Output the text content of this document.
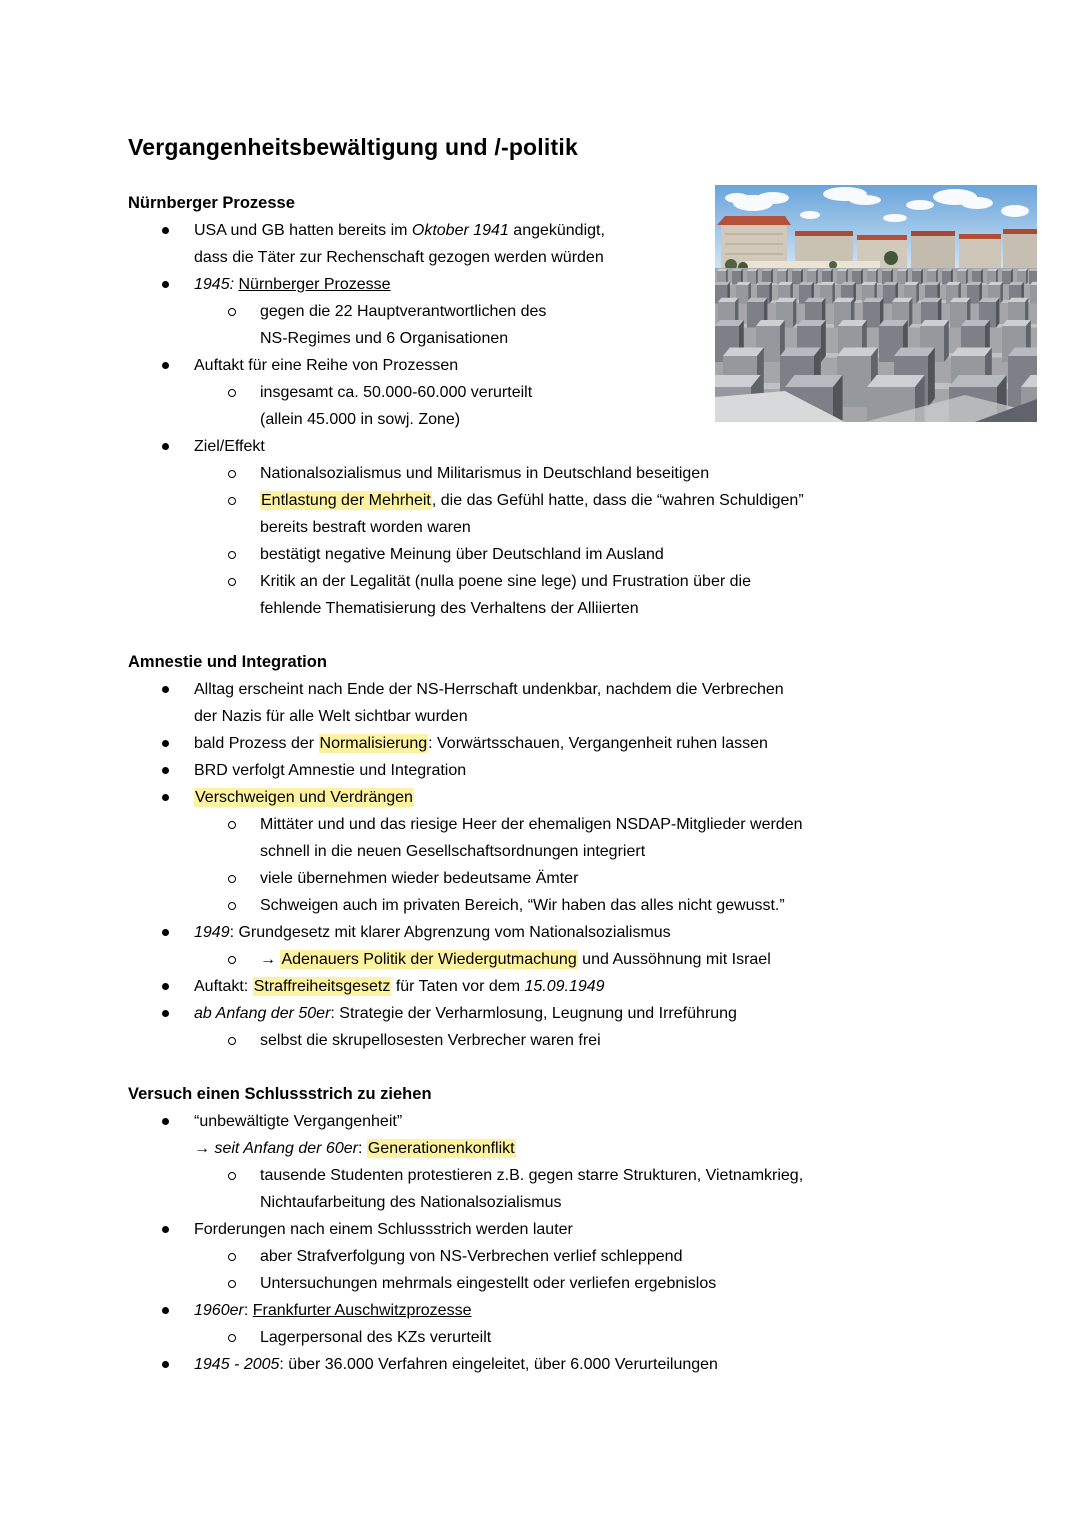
Vergangenheitsbewältigung und /-politik
Nürnberger Prozesse
USA und GB hatten bereits im Oktober 1941 angekündigt,
dass die Täter zur Rechenschaft gezogen werden würden
1945: Nürnberger Prozesse
gegen die 22 Hauptverantwortlichen des
NS-Regimes und 6 Organisationen
Auftakt für eine Reihe von Prozessen
insgesamt ca. 50.000-60.000 verurteilt
(allein 45.000 in sowj. Zone)
Ziel/Effekt
Nationalsozialismus und Militarismus in Deutschland beseitigen
Entlastung der Mehrheit, die das Gefühl hatte, dass die “wahren Schuldigen”
bereits bestraft worden waren
bestätigt negative Meinung über Deutschland im Ausland
Kritik an der Legalität (nulla poene sine lege) und Frustration über die
fehlende Thematisierung des Verhaltens der Alliierten
Amnestie und Integration
Alltag erscheint nach Ende der NS-Herrschaft undenkbar, nachdem die Verbrechen
der Nazis für alle Welt sichtbar wurden
bald Prozess der Normalisierung: Vorwärtsschauen, Vergangenheit ruhen lassen
BRD verfolgt Amnestie und Integration
Verschweigen und Verdrängen
Mittäter und und das riesige Heer der ehemaligen NSDAP-Mitglieder werden
schnell in die neuen Gesellschaftsordnungen integriert
viele übernehmen wieder bedeutsame Ämter
Schweigen auch im privaten Bereich, “Wir haben das alles nicht gewusst.”
1949: Grundgesetz mit klarer Abgrenzung vom Nationalsozialismus
→ Adenauers Politik der Wiedergutmachung und Aussöhnung mit Israel
Auftakt: Straffreiheitsgesetz für Taten vor dem 15.09.1949
ab Anfang der 50er: Strategie der Verharmlosung, Leugnung und Irreführung
selbst die skrupellosesten Verbrecher waren frei
Versuch einen Schlussstrich zu ziehen
“unbewältigte Vergangenheit”
→ seit Anfang der 60er: Generationenkonflikt
tausende Studenten protestieren z.B. gegen starre Strukturen, Vietnamkrieg,
Nichtaufarbeitung des Nationalsozialismus
Forderungen nach einem Schlussstrich werden lauter
aber Strafverfolgung von NS-Verbrechen verlief schleppend
Untersuchungen mehrmals eingestellt oder verliefen ergebnislos
1960er: Frankfurter Auschwitzprozesse
Lagerpersonal des KZs verurteilt
1945 - 2005: über 36.000 Verfahren eingeleitet, über 6.000 Verurteilungen
